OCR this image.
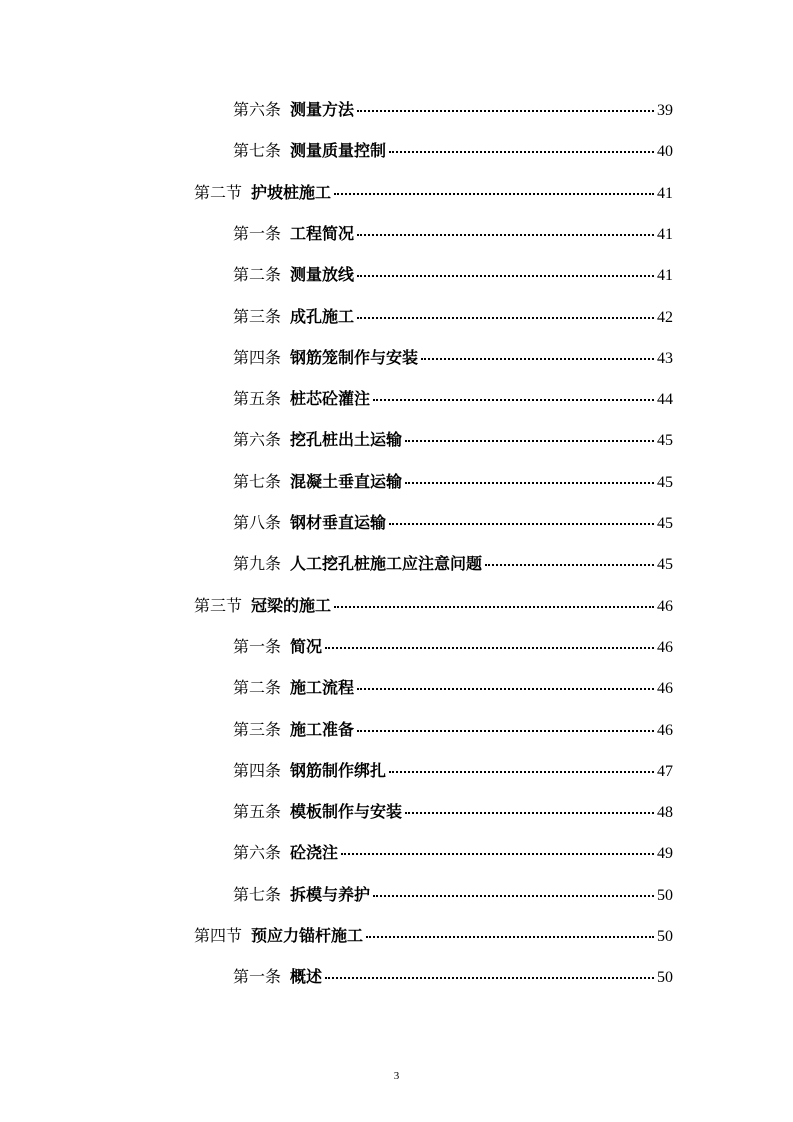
第六条 测量方法	39
第七条 测量质量控制	40
第二节 护坡桩施工	41
第一条 工程简况	41
第二条 测量放线	41
第三条 成孔施工	42
第四条 钢筋笼制作与安装	43
第五条 桩芯砼灌注	44
第六条 挖孔桩出土运输	45
第七条 混凝土垂直运输	45
第八条 钢材垂直运输	45
第九条 人工挖孔桩施工应注意问题	45
第三节 冠梁的施工	46
第一条 简况	46
第二条 施工流程	46
第三条 施工准备	46
第四条 钢筋制作绑扎	47
第五条 模板制作与安装	48
第六条 砼浇注	49
第七条 拆模与养护	50
第四节 预应力锚杆施工	50
第一条 概述	50
3
